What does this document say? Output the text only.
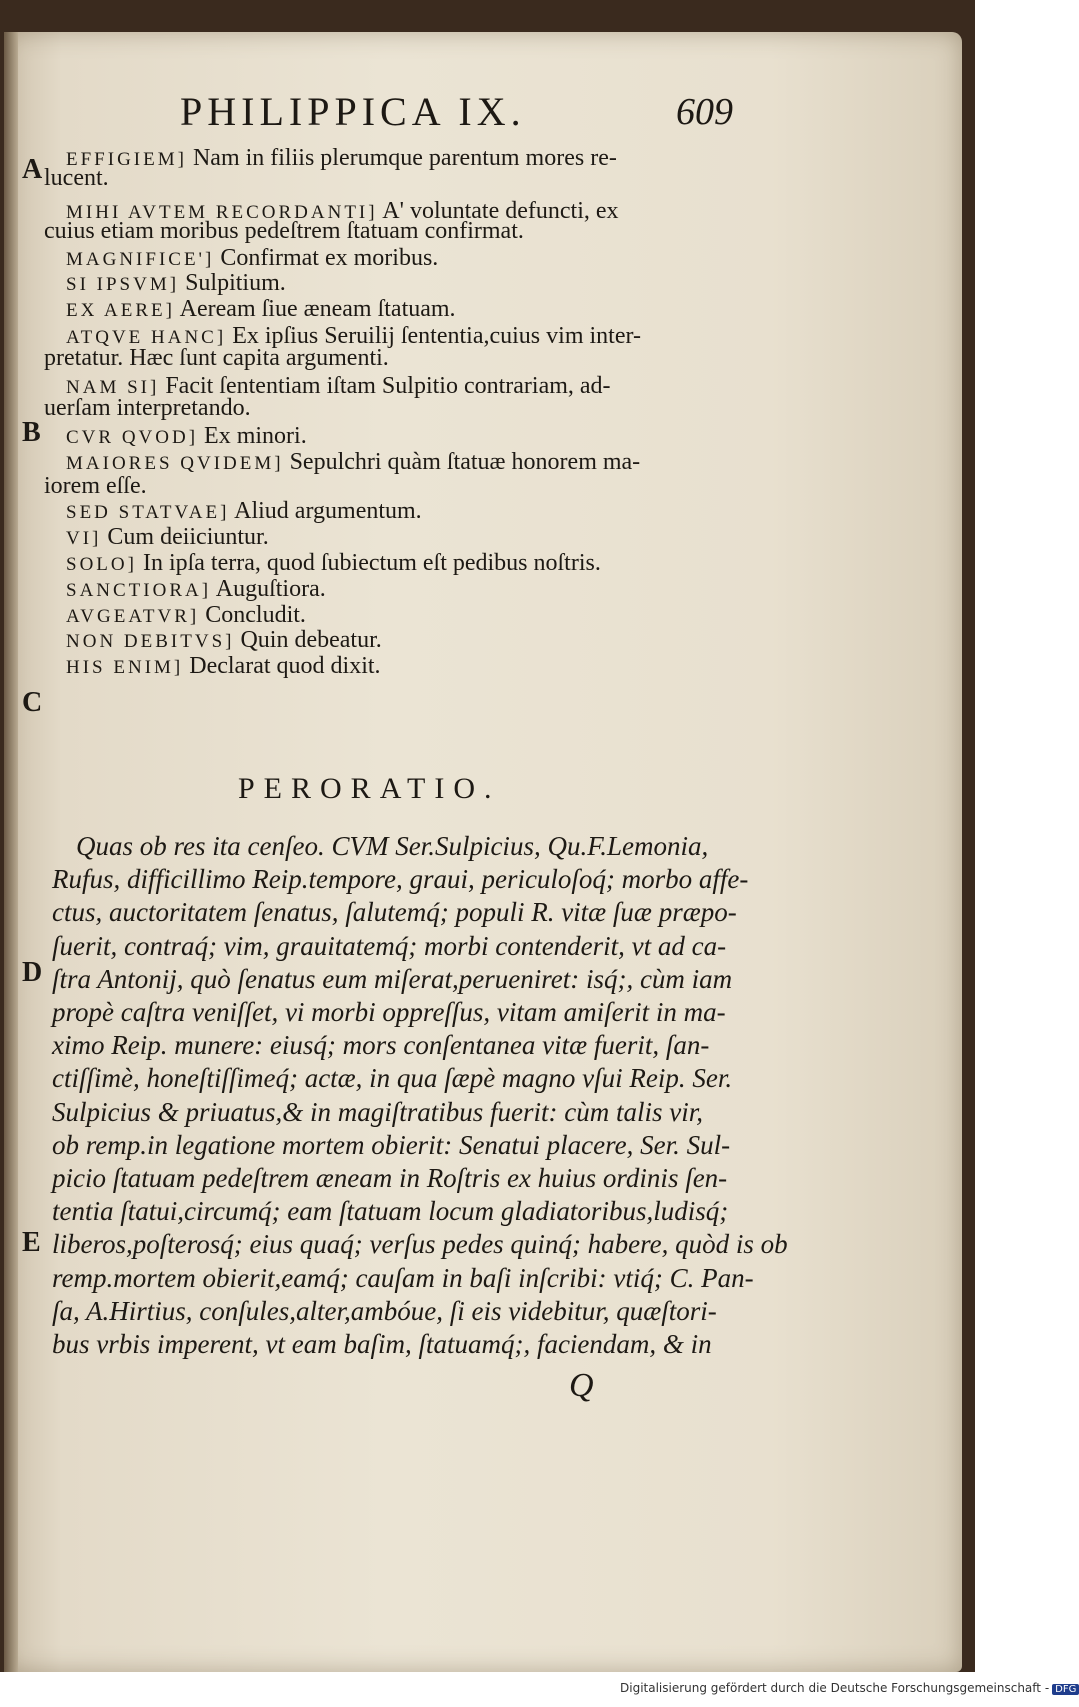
PHILIPPICA IX.	609
A
B
C
D
E
EFFIGIEM] Nam in filiis plerumque parentum mores re-
lucent.
MIHI AVTEM RECORDANTI] A' voluntate defuncti, ex
cuius etiam moribus pedeſtrem ſtatuam confirmat.
MAGNIFICE'] Confirmat ex moribus.
SI IPSVM] Sulpitium.
EX AERE] Aeream ſiue æneam ſtatuam.
ATQVE HANC] Ex ipſius Seruilij ſententia,cuius vim inter-
pretatur. Hæc ſunt capita argumenti.
NAM SI] Facit ſententiam iſtam Sulpitio contrariam, ad-
uerſam interpretando.
CVR QVOD] Ex minori.
MAIORES QVIDEM] Sepulchri quàm ſtatuæ honorem ma-
iorem eſſe.
SED STATVAE] Aliud argumentum.
VI] Cum deiiciuntur.
SOLO] In ipſa terra, quod ſubiectum eſt pedibus noſtris.
SANCTIORA] Auguſtiora.
AVGEATVR] Concludit.
NON DEBITVS] Quin debeatur.
HIS ENIM] Declarat quod dixit.
PERORATIO.
Quas ob res ita cenſeo. CVM Ser.Sulpicius, Qu.F.Lemonia,
Rufus, difficillimo Reip.tempore, graui, periculoſoq́; morbo affe-
ctus, auctoritatem ſenatus, ſalutemq́; populi R. vitæ ſuæ prӕpo-
ſuerit, contraq́; vim, grauitatemq́; morbi contenderit, vt ad ca-
ſtra Antonij, quò ſenatus eum miſerat,perueniret: isq́;, cùm iam
propè caſtra veniſſet, vi morbi oppreſſus, vitam amiſerit in ma-
ximo Reip. munere: eiusq́; mors conſentanea vitæ fuerit, ſan-
ctiſſimè, honeſtiſſimeq́; actæ, in qua ſæpè magno vſui Reip. Ser.
Sulpicius & priuatus,& in magiſtratibus fuerit: cùm talis vir,
ob remp.in legatione mortem obierit: Senatui placere, Ser. Sul-
picio ſtatuam pedeſtrem æneam in Roſtris ex huius ordinis ſen-
tentia ſtatui,circumq́; eam ſtatuam locum gladiatoribus,ludisq́;
liberos,poſterosq́; eius quaq́; verſus pedes quinq́; habere, quòd is ob
remp.mortem obierit,eamq́; cauſam in baſi inſcribi: vtiq́; C. Pan-
ſa, A.Hirtius, conſules,alter,ambóue, ſi eis videbitur, quæſtori-
bus vrbis imperent, vt eam baſim, ſtatuamq́;, faciendam, & in
Q
Digitalisierung gefördert durch die Deutsche Forschungsgemeinschaft - DFG
